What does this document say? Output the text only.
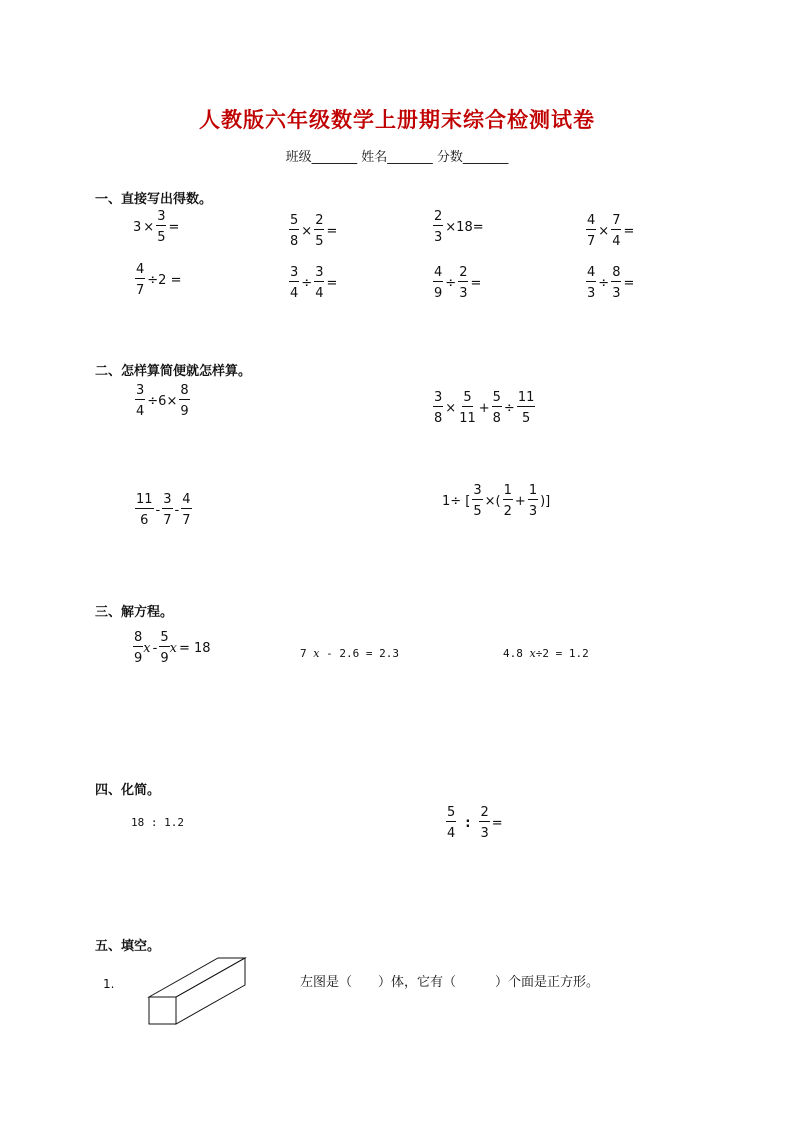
人教版六年级数学上册期末综合检测试卷
班级_______ 姓名_______ 分数_______
一、直接写出得数。
$3 \times \frac{3}{5}$ =	$\frac{5}{8} \times \frac{2}{5}$ =	$\frac{2}{3} \times 18=$	$\frac{4}{7} \times \frac{7}{4}$ =
$\frac{4}{7} \div 2$ =	$\frac{3}{4} \div \frac{3}{4}$ =	$\frac{4}{9} \div \frac{2}{3}$ =	$\frac{4}{3} \div \frac{8}{3}$ =
二、怎样算简便就怎样算。
$\frac{3}{4} \div 6\times \frac{8}{9}$	$\frac{3}{8} \times \frac{5}{11} + \frac{5}{8} \div \frac{11}{5}$
$\frac{11}{6} - \frac{3}{7} - \frac{4}{7}$	1÷ [ $\frac{3}{5}$ ×( $\frac{1}{2} + \frac{1}{3}$ )]
三、解方程。
$\frac{8}{9}$ x - $\frac{5}{9}$ x = 18	7 x - 2.6 = 2.3	4.8 x÷2 = 1.2
四、化简。
18 : 1.2	$\frac{5}{4}$ : $\frac{2}{3}$ =
五、填空。
1.	左图是（　　）体，它有（　　　）个面是正方形。
